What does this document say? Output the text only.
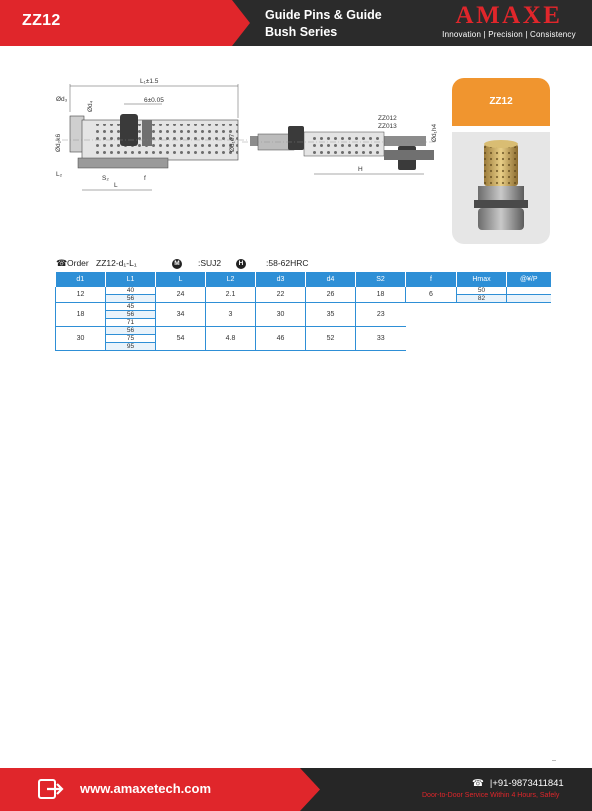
ZZ12	Guide Pins & Guide
Bush Series
AMAXE
Innovation | Precision | Consistency
L₁±1.5
Ød₃
Ød₄
6±0.05
Ød₂k6	Ød₁e7
L₂
S₂	f
L
ZZ012
ZZ013	Ød₁h4
H
ZZ12
☎ Order ZZ12-d₁-L₁	M :SUJ2	H	:58-62HRC
d1	L1	L	L2	d3	d4	S2	f	Hmax	@¥/P
12	40	24	2.1	22	26	18	6	50	
	56							82	
18	45	34	3	30	35	23			
	56								
	71								
30	56	54	4.8	46	52	33			
	75								
	95								
www.amaxetech.com	☎ |+91-9873411841
Door-to-Door Service Within 4 Hours, Safely
